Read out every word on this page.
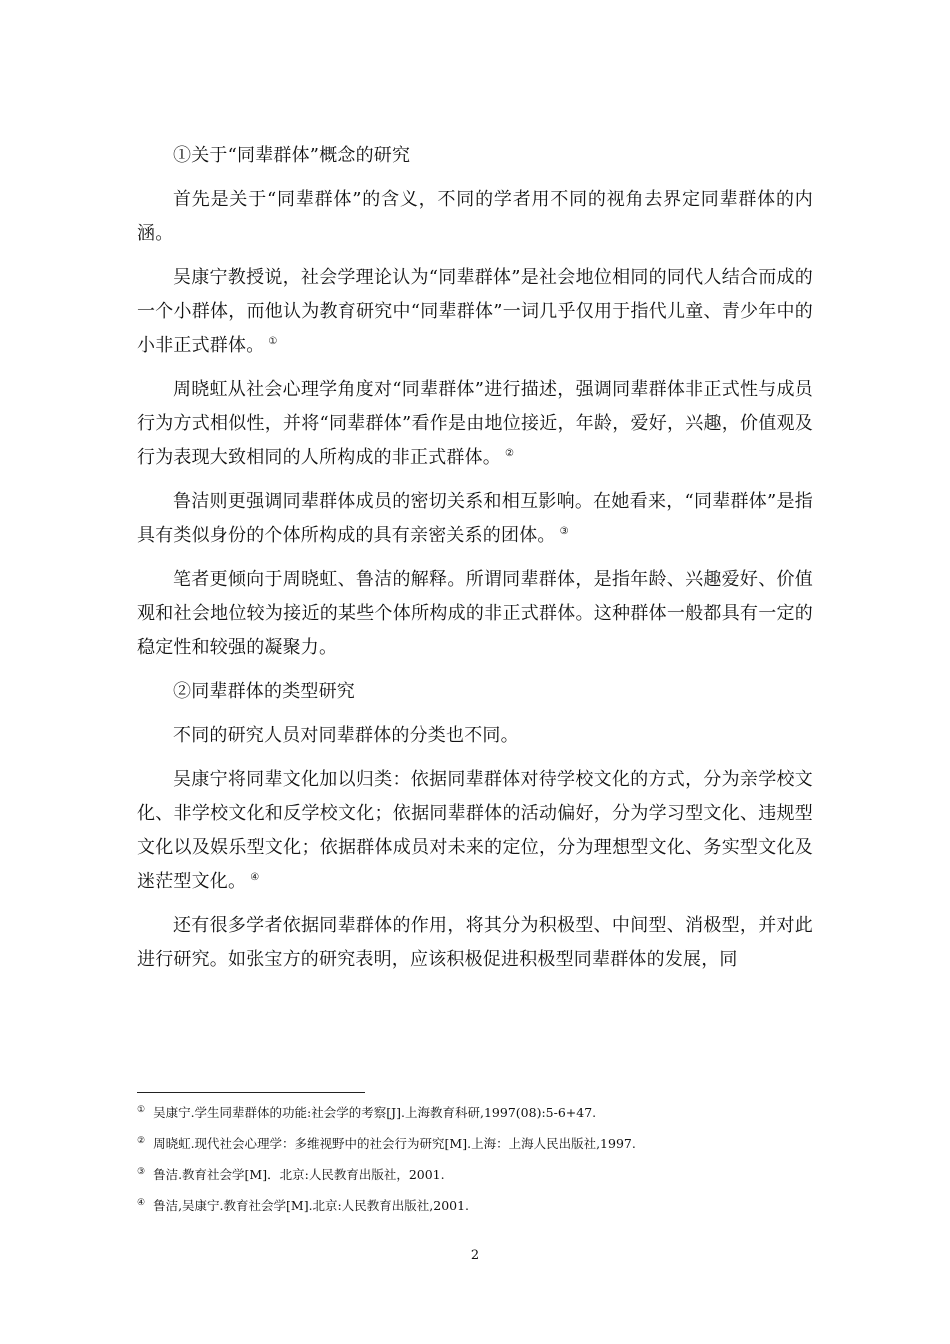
①关于“同辈群体”概念的研究

首先是关于“同辈群体”的含义，不同的学者用不同的视角去界定同辈群体的内涵。

吴康宁教授说，社会学理论认为“同辈群体”是社会地位相同的同代人结合而成的一个小群体，而他认为教育研究中“同辈群体”一词几乎仅用于指代儿童、青少年中的小非正式群体。 ①

周晓虹从社会心理学角度对“同辈群体”进行描述，强调同辈群体非正式性与成员行为方式相似性，并将“同辈群体”看作是由地位接近，年龄，爱好，兴趣，价值观及行为表现大致相同的人所构成的非正式群体。 ②

鲁洁则更强调同辈群体成员的密切关系和相互影响。在她看来，“同辈群体”是指具有类似身份的个体所构成的具有亲密关系的团体。 ③

笔者更倾向于周晓虹、鲁洁的解释。所谓同辈群体，是指年龄、兴趣爱好、价值观和社会地位较为接近的某些个体所构成的非正式群体。这种群体一般都具有一定的稳定性和较强的凝聚力。

②同辈群体的类型研究

不同的研究人员对同辈群体的分类也不同。

吴康宁将同辈文化加以归类：依据同辈群体对待学校文化的方式，分为亲学校文化、非学校文化和反学校文化；依据同辈群体的活动偏好，分为学习型文化、违规型文化以及娱乐型文化；依据群体成员对未来的定位，分为理想型文化、务实型文化及迷茫型文化。 ④

还有很多学者依据同辈群体的作用，将其分为积极型、中间型、消极型，并对此进行研究。如张宝方的研究表明，应该积极促进积极型同辈群体的发展，同

① 吴康宁.学生同辈群体的功能:社会学的考察[J].上海教育科研,1997(08):5-6+47.

② 周晓虹.现代社会心理学：多维视野中的社会行为研究[M].上海：上海人民出版社,1997.

③ 鲁洁.教育社会学[M]．北京:人民教育出版社，2001.

④ 鲁洁,吴康宁.教育社会学[M].北京:人民教育出版社,2001.

2
